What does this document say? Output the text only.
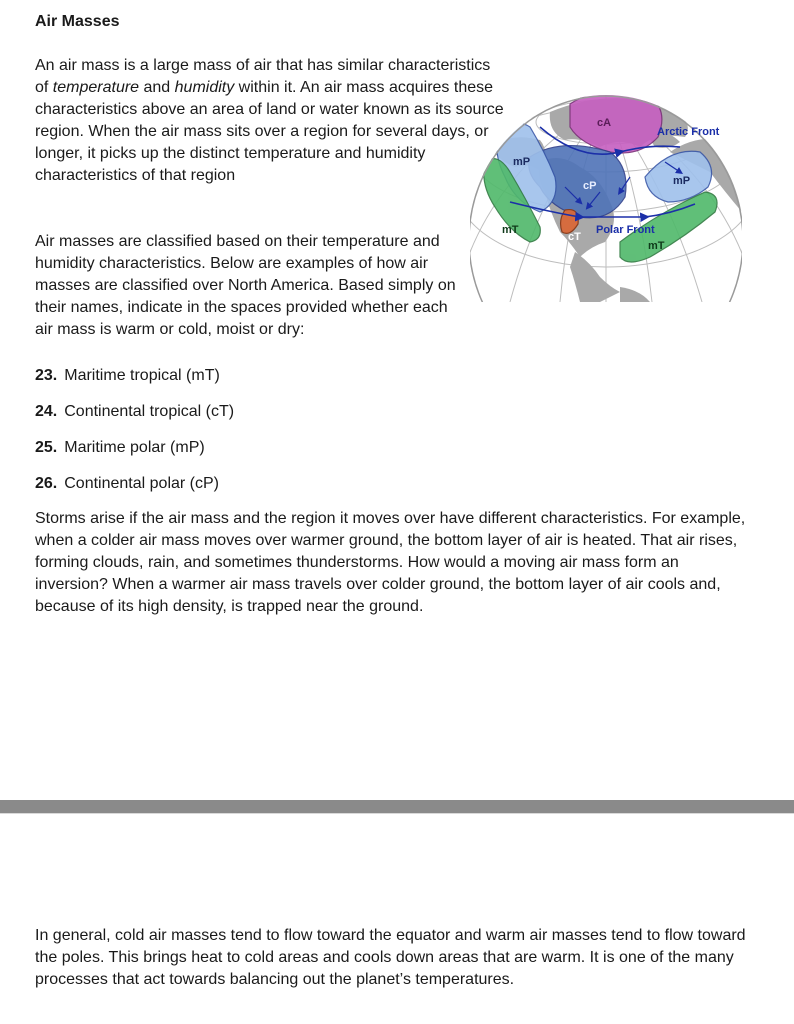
Air Masses

An air mass is a large mass of air that has similar characteristics of temperature and humidity within it. An air mass acquires these characteristics above an area of land or water known as its source region. When the air mass sits over a region for several days, or longer, it picks up the distinct temperature and humidity characteristics of that region

Air masses are classified based on their temperature and humidity characteristics. Below are examples of how air masses are classified over North America. Based simply on their names, indicate in the spaces provided whether each air mass is warm or cold, moist or dry:

23. Maritime tropical (mT)
24. Continental tropical (cT)
25. Maritime polar (mP)
26. Continental polar (cP)

Storms arise if the air mass and the region it moves over have different characteristics. For example, when a colder air mass moves over warmer ground, the bottom layer of air is heated. That air rises, forming clouds, rain, and sometimes thunderstorms. How would a moving air mass form an inversion? When a warmer air mass travels over colder ground, the bottom layer of air cools and, because of its high density, is trapped near the ground.

cA
Arctic Front
mP
cP	mP
mT
cT
Polar Front
mT

In general, cold air masses tend to flow toward the equator and warm air masses tend to flow toward the poles. This brings heat to cold areas and cools down areas that are warm. It is one of the many processes that act towards balancing out the planet’s temperatures.
